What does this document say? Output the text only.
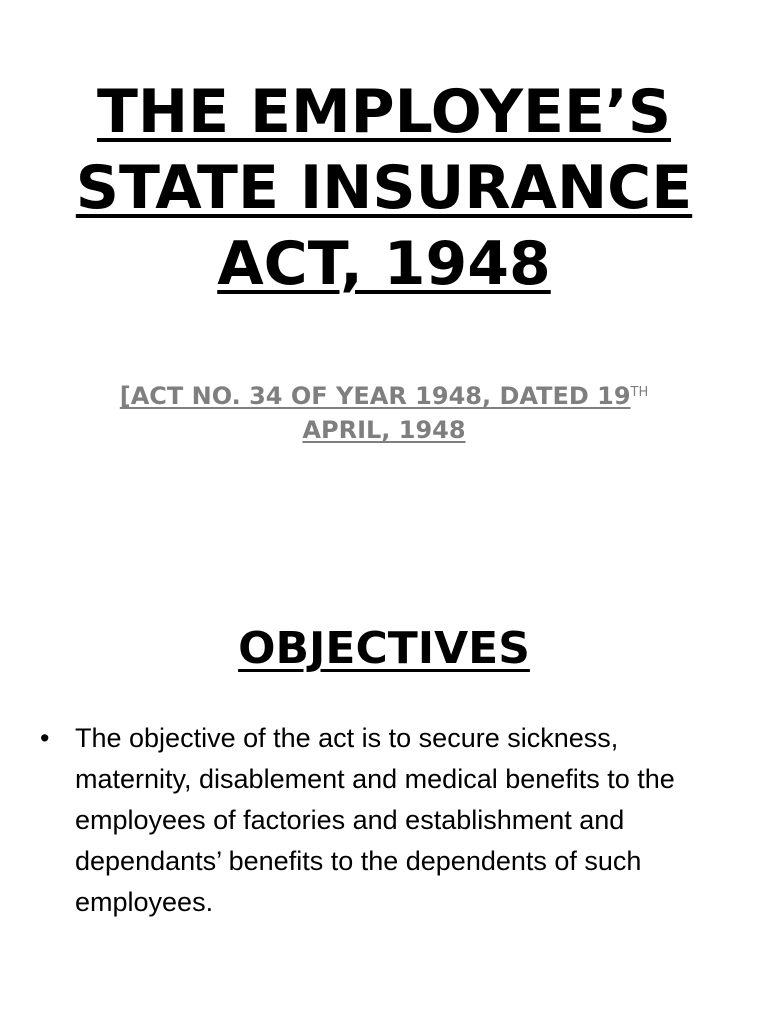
THE EMPLOYEE’S
STATE INSURANCE
ACT, 1948
[ACT NO. 34 OF YEAR 1948, DATED 19TH
APRIL, 1948
OBJECTIVES
• The objective of the act is to secure sickness, maternity, disablement and medical benefits to the employees of factories and establishment and dependants’ benefits to the dependents of such employees.
